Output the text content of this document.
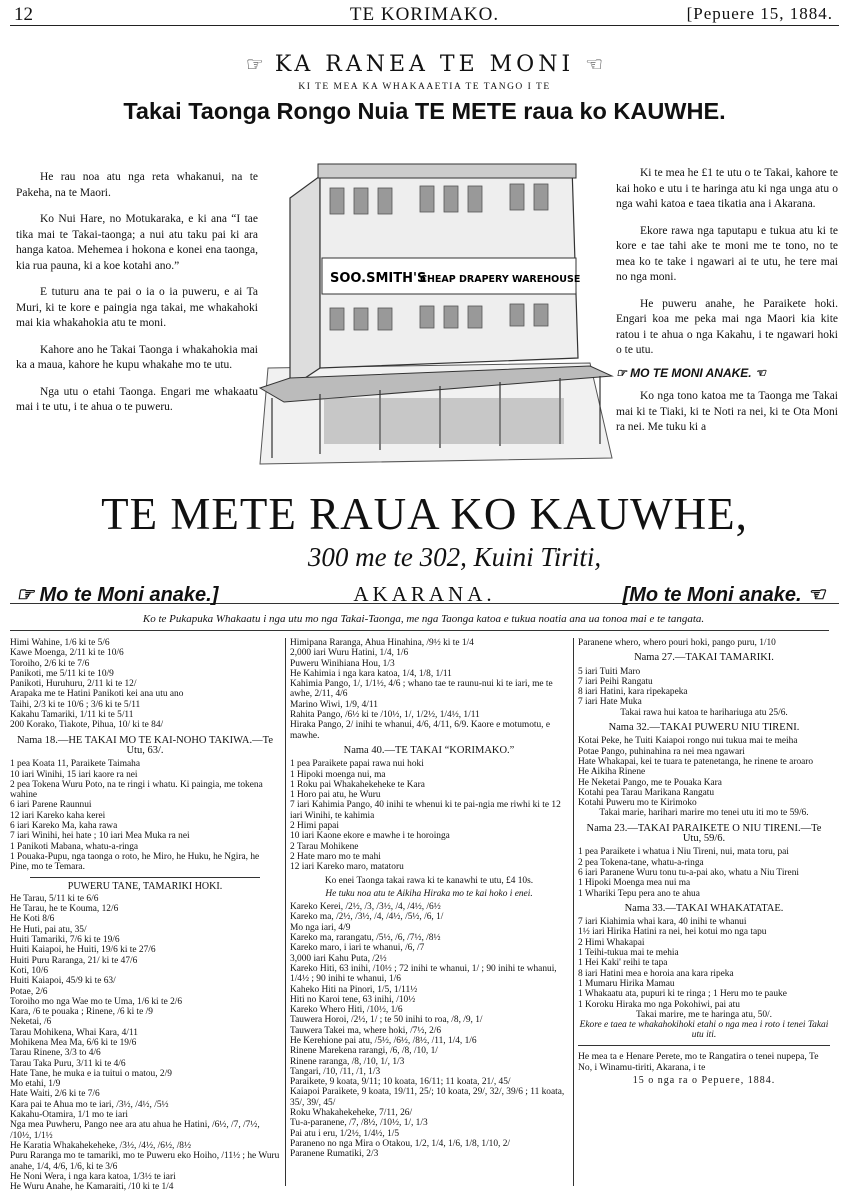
12	TE KORIMAKO.	[Pepuere 15, 1884.
☞ KA RANEA TE MONI ☜
KI TE MEA KA WHAKAAETIA TE TANGO I TE
Takai Taonga Rongo Nuia TE METE raua ko KAUWHE.

He rau noa atu nga reta whakanui, na te Pakeha, na te Maori.

Ko Nui Hare, no Motukaraka, e ki ana “I tae tika mai te Takai-taonga; a nui atu taku pai ki ara hanga katoa. Mehemea i hokona e konei ena taonga, kia rua pauna, ki a koe kotahi ano.”

E tuturu ana te pai o ia o ia puweru, e ai Ta Muri, ki te kore e paingia nga takai, me whakahoki mai kia whakahokia atu te moni.

Kahore ano he Takai Taonga i whakahokia mai ka a maua, kahore he kupu whakahe mo te utu.

Nga utu o etahi Taonga. Engari me whakaatu mai i te utu, i te ahua o te puweru.

SOO.SMITH'S
CHEAP DRAPERY WAREHOUSE

Ki te mea he £1 te utu o te Takai, kahore te kai hoko e utu i te haringa atu ki nga unga atu o nga wahi katoa e taea tikatia ana i Akarana.

Ekore rawa nga taputapu e tukua atu ki te kore e tae tahi ake te moni me te tono, no te mea ko te take i ngawari ai te utu, he tere mai no nga moni.

He puweru anahe, he Paraikete hoki. Engari koa me peka mai nga Maori kia kite ratou i te ahua o nga Kakahu, i te ngawari hoki o te utu.

☞ MO TE MONI ANAKE. ☜

Ko nga tono katoa me ta Taonga me Takai mai ki te Tiaki, ki te Noti ra nei, ki te Ota Moni ra nei. Me tuku ki a

TE METE RAUA KO KAUWHE,
300 me te 302, Kuini Tiriti,
☞ Mo te Moni anake.]	AKARANA.	[Mo te Moni anake. ☜
Ko te Pukapuka Whakaatu i nga utu mo nga Takai-Taonga, me nga Taonga katoa e tukua noatia ana ua tonoa mai e te tangata.
Himi Wahine, 1/6 ki te 5/6
Kawe Moenga, 2/11 ki te 10/6
Toroiho, 2/6 ki te 7/6
Panikoti, me 5/11 ki te 10/9
Panikoti, Huruhuru, 2/11 ki te 12/
Arapaka me te Hatini Panikoti kei ana utu ano
Taihi, 2/3 ki te 10/6 ; 3/6 ki te 5/11
Kakahu Tamariki, 1/11 ki te 5/11
200 Korako, Tiakote, Pihua, 10/ ki te 84/
Nama 18.—HE TAKAI MO TE KAI-NOHO TAKIWA.—Te Utu, 63/.
1 pea Koata 11, Paraikete Taimaha
10 iari Winihi, 15 iari kaore ra nei
2 pea Tokena Wuru Poto, na te ringi i whatu. Ki paingia, me tokena wahine
6 iari Parene Raunnui
12 iari Kareko kaha kerei
6 iari Kareko Ma, kaha rawa
7 iari Winihi, hei hate ; 10 iari Mea Muka ra nei
1 Panikoti Mabana, whatu-a-ringa
1 Pouaka-Pupu, nga taonga o roto, he Miro, he Huku, he Ngira, he Pine, mo te Temara.
PUWERU TANE, TAMARIKI HOKI.
He Tarau, 5/11 ki te 6/6
He Tarau, he te Kouma, 12/6
He Koti 8/6
He Huti, pai atu, 35/
Huiti Tamariki, 7/6 ki te 19/6
Huiti Kaiapoi, he Huiti, 19/6 ki te 27/6
Huiti Puru Raranga, 21/ ki te 47/6
Koti, 10/6
Huiti Kaiapoi, 45/9 ki te 63/
Potae, 2/6
Toroiho mo nga Wae mo te Uma, 1/6 ki te 2/6
Kara, /6 te pouaka ; Rinene, /6 ki te /9
Neketai, /6
Tarau Mohikena, Whai Kara, 4/11
Mohikena Mea Ma, 6/6 ki te 19/6
Tarau Rinene, 3/3 to 4/6
Tarau Taka Puru, 3/11 ki te 4/6
Hate Tane, he muka e ia tuitui o matou, 2/9
Mo etahi, 1/9
Hate Waiti, 2/6 ki te 7/6
Kara pai te Ahua mo te iari, /3½, /4½, /5½
Kakahu-Otamira, 1/1 mo te iari
Nga mea Puwheru, Pango nee ara atu ahua he Hatini, /6½, /7, /7½, /10½, 1/1½
He Karatia Whakahekeheke, /3½, /4½, /6½, /8½
Puru Raranga mo te tamariki, mo te Puweru eko Hoiho, /11½ ; he Wuru anahe, 1/4, 4/6, 1/6, ki te 3/6
He Noni Wera, i nga kara katoa, 1/3½ te iari
He Wuru Anahe, he Kamaraiti, /10 ki te 1/4
Himipana Raranga, Ahua Hinahina, /9½ ki te 1/4
2,000 iari Wuru Hatini, 1/4, 1/6
Puweru Winihiana Hou, 1/3
He Kahimia i nga kara katoa, 1/4, 1/8, 1/11
Kahimia Pango, 1/, 1/1½, 4/6 ; whano tae te raunu-nui ki te iari, me te awhe, 2/11, 4/6
Marino Wiwi, 1/9, 4/11
Rahita Pango, /6½ ki te /10½, 1/, 1/2½, 1/4½, 1/11
Hiraka Pango, 2/ inihi te whanui, 4/6, 4/11, 6/9. Kaore e motumotu, e mawhe.
Nama 40.—TE TAKAI “KORIMAKO.”
1 pea Paraikete papai rawa nui hoki
1 Hipoki moenga nui, ma
1 Roku pai Whakahekeheke te Kara
1 Horo pai atu, he Wuru
7 iari Kahimia Pango, 40 inihi te whenui ki te pai-ngia me riwhi ki te 12 iari Winihi, te kahimia
2 Himi papai
10 iari Kaone ekore e mawhe i te horoinga
2 Tarau Mohikene
2 Hate maro mo te mahi
12 iari Kareko maro, matatoru
Ko enei Taonga takai rawa ki te kanawhi te utu, £4 10s.
He tuku noa atu te Aikiha Hiraka mo te kai hoko i enei.
Kareko Kerei, /2½, /3, /3½, /4, /4½, /6½
Kareko ma, /2½, /3½, /4, /4½, /5½, /6, 1/
Mo nga iari, 4/9
Kareko ma, rarangatu, /5½, /6, /7½, /8½
Kareko maro, i iari te whanui, /6, /7
3,000 iari Kahu Puta, /2½
Kareko Hiti, 63 inihi, /10½ ; 72 inihi te whanui, 1/ ; 90 inihi te whanui, 1/4½ ; 90 inihi te whanui, 1/6
Kaheko Hiti na Pinori, 1/5, 1/11½
Hiti no Karoi tene, 63 inihi, /10½
Kareko Whero Hiti, /10½, 1/6
Tauwera Horoi, /2½, 1/ ; te 50 inihi to roa, /8, /9, 1/
Tauwera Takei ma, where hoki, /7½, 2/6
He Kerehione pai atu, /5½, /6½, /8½, /11, 1/4, 1/6
Rinene Marekena rarangi, /6, /8, /10, 1/
Rinene raranga, /8, /10, 1/, 1/3
Tangari, /10, /11, /1, 1/3
Paraikete, 9 koata, 9/11; 10 koata, 16/11; 11 koata, 21/, 45/
Kaiapoi Paraikete, 9 koata, 19/11, 25/; 10 koata, 29/, 32/, 39/6 ; 11 koata, 35/, 39/, 45/
Roku Whakahekeheke, 7/11, 26/
Tu-a-paranene, /7, /8½, /10½, 1/, 1/3
Pai atu i eru, 1/2½, 1/4½, 1/5
Paraneno no nga Mira o Otakou, 1/2, 1/4, 1/6, 1/8, 1/10, 2/
Paranene Rumatiki, 2/3
Paranene whero, whero pouri hoki, pango puru, 1/10
Nama 27.—TAKAI TAMARIKI.
5 iari Tuiti Maro
7 iari Peihi Rangatu
8 iari Hatini, kara ripekapeka
7 iari Hate Muka
Takai rawa hui katoa te harihariuga atu 25/6.
Nama 32.—TAKAI PUWERU NIU TIRENI.
Kotai Peke, he Tuiti Kaiapoi rongo nui tukua mai te meiha
Potae Pango, puhinahina ra nei mea ngawari
Hate Whakapai, kei te tuara te patenetanga, he rinene te aroaro
He Aikiha Rinene
He Neketai Pango, me te Pouaka Kara
Kotahi pea Tarau Marikana Rangatu
Kotahi Puweru mo te Kirimoko
Takai marie, harihari marire mo tenei utu iti mo te 59/6.
Nama 23.—TAKAI PARAIKETE O NIU TIRENI.—Te Utu, 59/6.
1 pea Paraikete i whatua i Niu Tireni, nui, mata toru, pai
2 pea Tokena-tane, whatu-a-ringa
6 iari Paranene Wuru tonu tu-a-pai ako, whatu a Niu Tireni
1 Hipoki Moenga mea nui ma
1 Whariki Tepu pera ano te ahua
Nama 33.—TAKAI WHAKATATAE.
7 iari Kiahimia whai kara, 40 inihi te whanui
1½ iari Hirika Hatini ra nei, hei kotui mo nga tapu
2 Himi Whakapai
1 Teihi-tukua mai te mehia
1 Hei Kaki' reihi te tapa
8 iari Hatini mea e horoia ana kara ripeka
1 Mumaru Hirika Mamau
1 Whakaatu ata, pupuri ki te ringa ; 1 Heru mo te pauke
1 Koroku Hiraka mo nga Pokohiwi, pai atu
Takai marire, me te haringa atu, 50/.
Ekore e taea te whakahokihoki etahi o nga mea i roto i tenei Takai utu iti.
He mea ta e Henare Perete, mo te Rangatira o tenei nupepa, Te No, i Winamu-tiriti, Akarana, i te
15 o nga ra o Pepuere, 1884.
